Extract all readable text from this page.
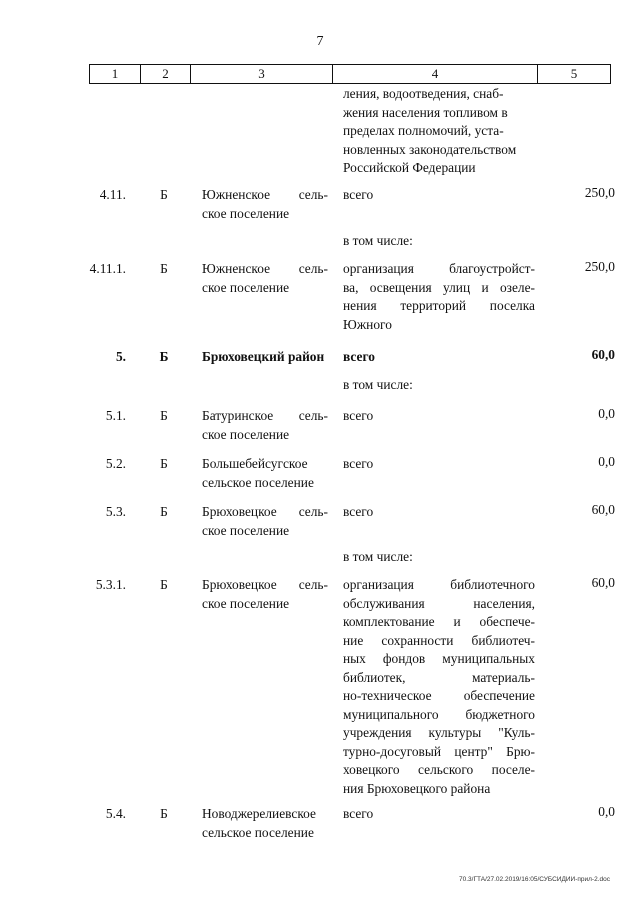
7
1	2	3	4	5
ления, водоотведения, снаб-
жения населения топливом в
пределах полномочий, уста-
новленных законодательством
Российской Федерации
4.11.	Б	Южненское сель-
ское поселение
всего	250,0
в том числе:
4.11.1.	Б	Южненское сель-
ское поселение
организация благоустройст-
ва, освещения улиц и озеле-
нения территорий поселка
Южного
250,0
5.	Б	Брюховецкий район	всего	60,0
в том числе:
5.1.	Б	Батуринское сель-
ское поселение
всего	0,0
5.2.	Б	Большебейсугское
сельское поселение
всего	0,0
5.3.	Б	Брюховецкое сель-
ское поселение
всего	60,0
в том числе:
5.3.1.	Б	Брюховецкое сель-
ское поселение
организация библиотечного
обслуживания населения,
комплектование и обеспече-
ние сохранности библиотеч-
ных фондов муниципальных
библиотек, материаль-
но-техническое обеспечение
муниципального бюджетного
учреждения культуры "Куль-
турно-досуговый центр" Брю-
ховецкого сельского поселе-
ния Брюховецкого района
60,0
5.4.	Б	Новоджерелиевское
сельское поселение
всего	0,0
70.3/ГТА/27.02.2019/16:05/СУБСИДИИ-прил-2.doc
